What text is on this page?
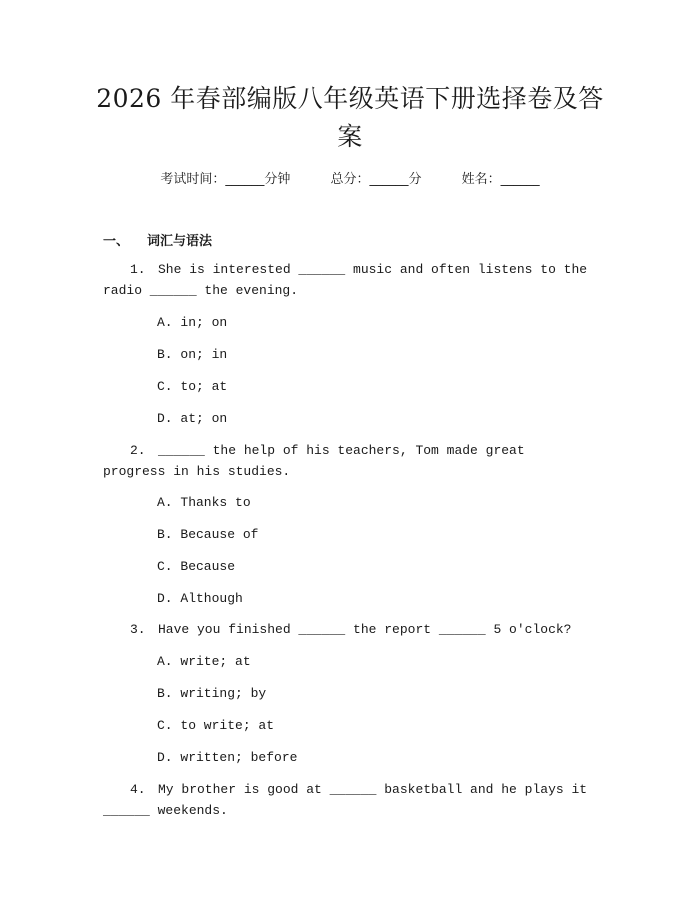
2026 年春部编版八年级英语下册选择卷及答案
考试时间：______分钟	总分：______分	姓名：______
一、 词汇与语法
1. She is interested ______ music and often listens to the radio ______ the evening.
A. in; on
B. on; in
C. to; at
D. at; on
2. ______ the help of his teachers, Tom made great progress in his studies.
A. Thanks to
B. Because of
C. Because
D. Although
3. Have you finished ______ the report ______ 5 o'clock?
A. write; at
B. writing; by
C. to write; at
D. written; before
4. My brother is good at ______ basketball and he plays it ______ weekends.
